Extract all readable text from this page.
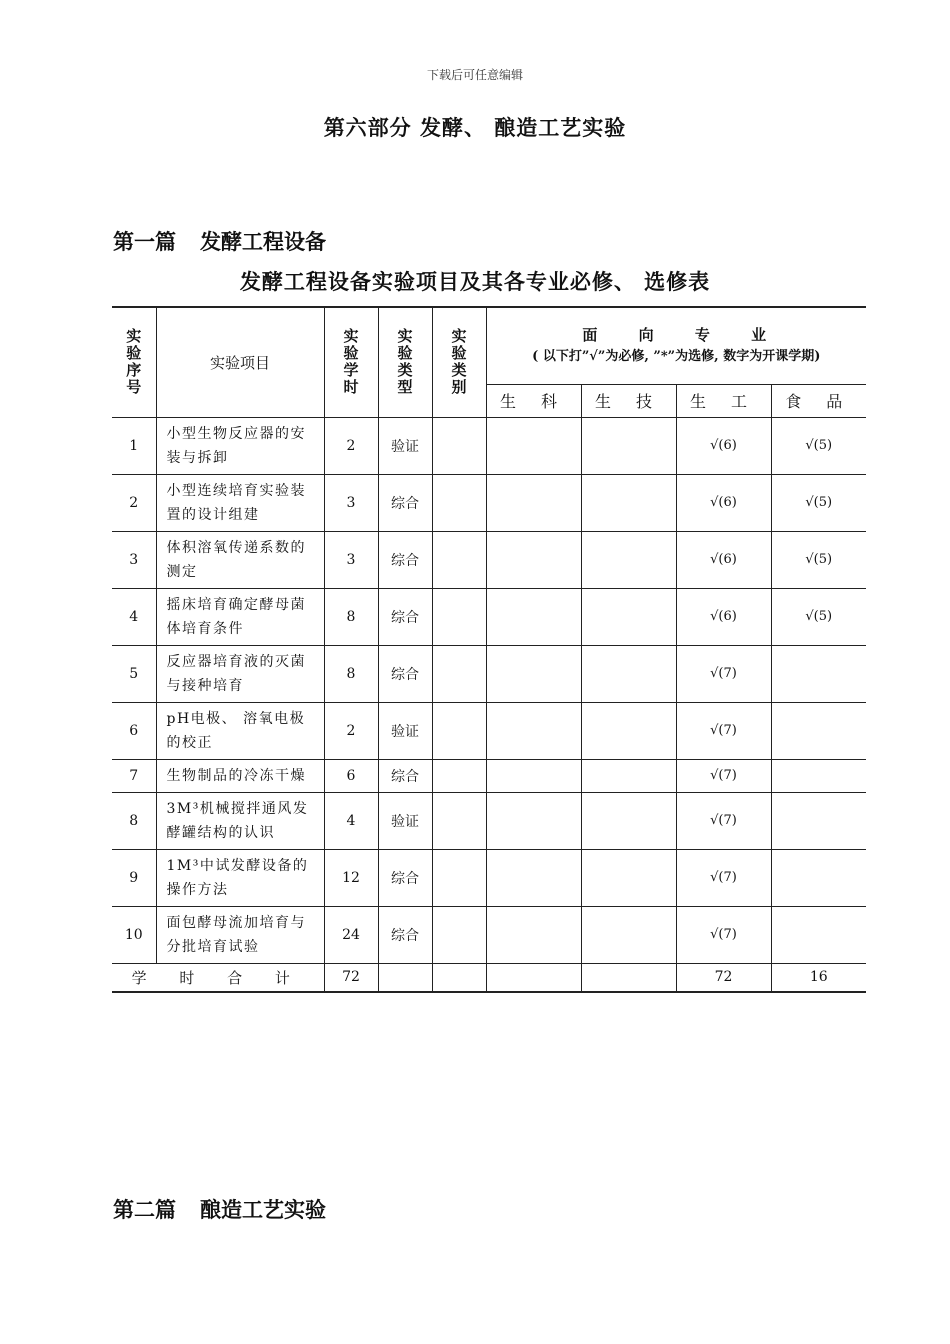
下载后可任意编辑
第六部分 发酵、 酿造工艺实验
第一篇 发酵工程设备
发酵工程设备实验项目及其各专业必修、 选修表
实验序号	实验项目	实验学时	实验类型	实验类别	面 向 专 业
( 以下打”√”为必修, ”*”为选修, 数字为开课学期)			

					生 科	生 技	生 工	食 品
1	小型生物反应器的安装与拆卸	2	验证				√(6)	√(5)
2	小型连续培育实验装置的设计组建	3	综合				√(6)	√(5)
3	体积溶氧传递系数的测定	3	综合				√(6)	√(5)
4	摇床培育确定酵母菌体培育条件	8	综合				√(6)	√(5)
5	反应器培育液的灭菌与接种培育	8	综合				√(7)	
6	pH电极、 溶氧电极的校正	2	验证				√(7)	
7	生物制品的冷冻干燥	6	综合				√(7)	
8	3M³机械搅拌通风发酵罐结构的认识	4	验证				√(7)	
9	1M³中试发酵设备的操作方法	12	综合				√(7)	
10	面包酵母流加培育与分批培育试验	24	综合				√(7)	
学 时 合 计		72					72	16
第二篇 酿造工艺实验
